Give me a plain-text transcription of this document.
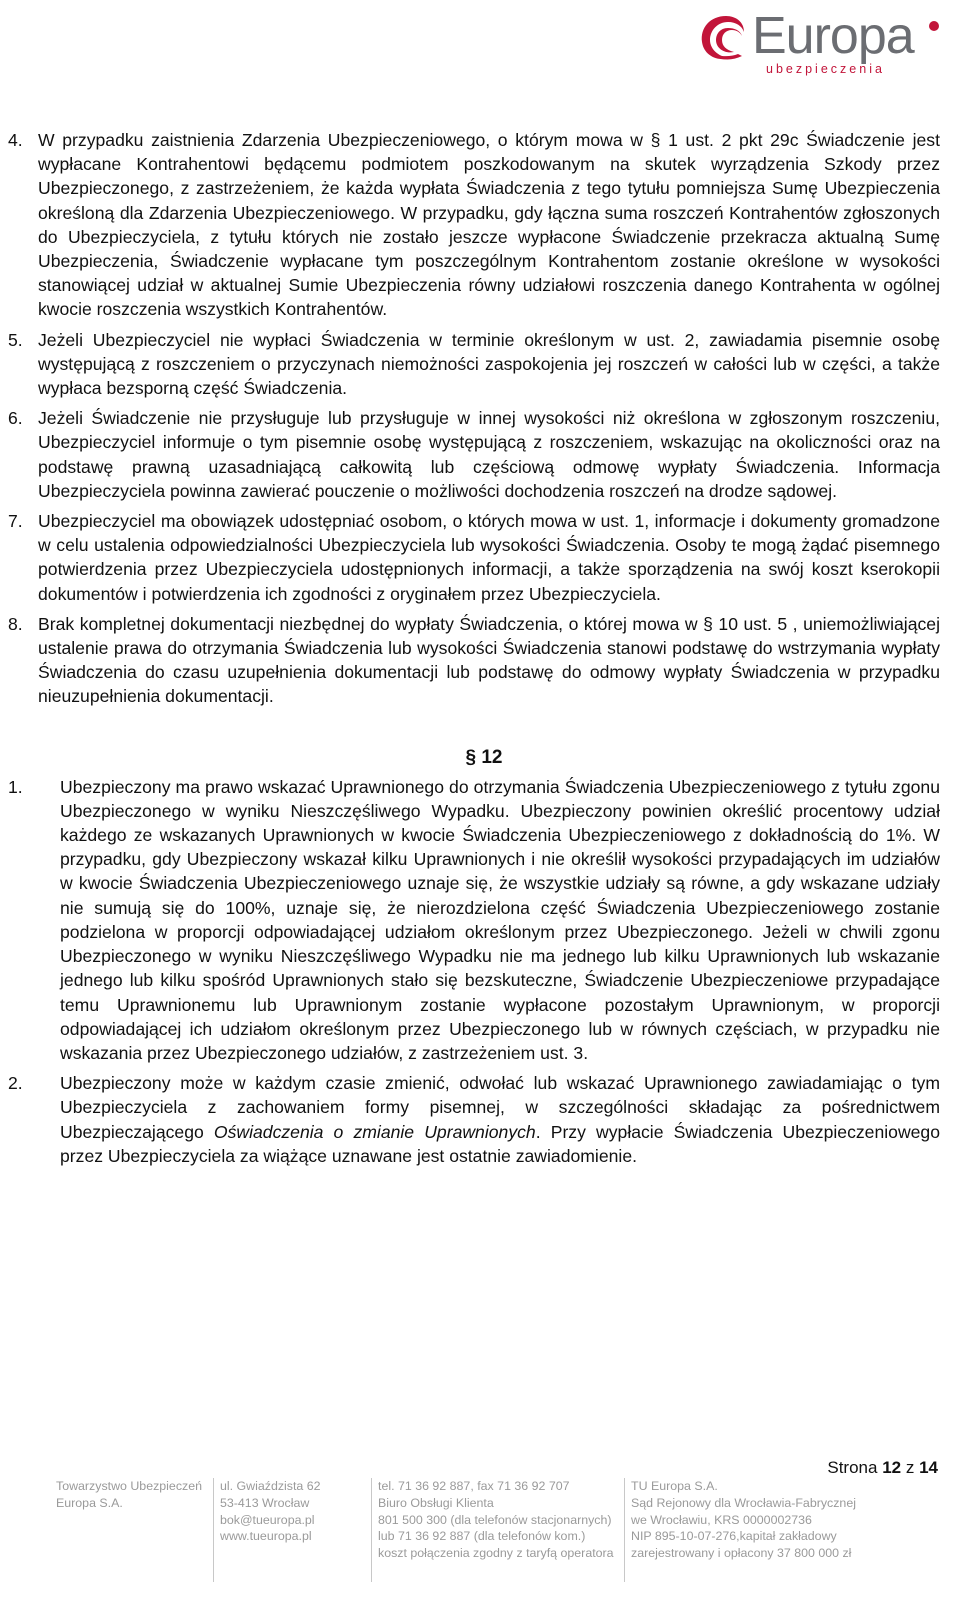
Europa
ubezpieczenia
4. W przypadku zaistnienia Zdarzenia Ubezpieczeniowego, o którym mowa w § 1 ust. 2 pkt 29c Świadczenie jest wypłacane Kontrahentowi będącemu podmiotem poszkodowanym na skutek wyrządzenia Szkody przez Ubezpieczonego, z zastrzeżeniem, że każda wypłata Świadczenia z tego tytułu pomniejsza Sumę Ubezpieczenia określoną dla Zdarzenia Ubezpieczeniowego. W przypadku, gdy łączna suma roszczeń Kontrahentów zgłoszonych do Ubezpieczyciela, z tytułu których nie zostało jeszcze wypłacone Świadczenie przekracza aktualną Sumę Ubezpieczenia, Świadczenie wypłacane tym poszczególnym Kontrahentom zostanie określone w wysokości stanowiącej udział w aktualnej Sumie Ubezpieczenia równy udziałowi roszczenia danego Kontrahenta w ogólnej kwocie roszczenia wszystkich Kontrahentów.
5. Jeżeli Ubezpieczyciel nie wypłaci Świadczenia w terminie określonym w ust. 2, zawiadamia pisemnie osobę występującą z roszczeniem o przyczynach niemożności zaspokojenia jej roszczeń w całości lub w części, a także wypłaca bezsporną część Świadczenia.
6. Jeżeli Świadczenie nie przysługuje lub przysługuje w innej wysokości niż określona w zgłoszonym roszczeniu, Ubezpieczyciel informuje o tym pisemnie osobę występującą z roszczeniem, wskazując na okoliczności oraz na podstawę prawną uzasadniającą całkowitą lub częściową odmowę wypłaty Świadczenia. Informacja Ubezpieczyciela powinna zawierać pouczenie o możliwości dochodzenia roszczeń na drodze sądowej.
7. Ubezpieczyciel ma obowiązek udostępniać osobom, o których mowa w ust. 1, informacje i dokumenty gromadzone w celu ustalenia odpowiedzialności Ubezpieczyciela lub wysokości Świadczenia. Osoby te mogą żądać pisemnego potwierdzenia przez Ubezpieczyciela udostępnionych informacji, a także sporządzenia na swój koszt kserokopii dokumentów i potwierdzenia ich zgodności z oryginałem przez Ubezpieczyciela.
8. Brak kompletnej dokumentacji niezbędnej do wypłaty Świadczenia, o której mowa w § 10 ust. 5 , uniemożliwiającej ustalenie prawa do otrzymania Świadczenia lub wysokości Świadczenia stanowi podstawę do wstrzymania wypłaty Świadczenia do czasu uzupełnienia dokumentacji lub podstawę do odmowy wypłaty Świadczenia w przypadku nieuzupełnienia dokumentacji.
§ 12
1.	Ubezpieczony ma prawo wskazać Uprawnionego do otrzymania Świadczenia Ubezpieczeniowego z tytułu zgonu Ubezpieczonego w wyniku Nieszczęśliwego Wypadku. Ubezpieczony powinien określić procentowy udział każdego ze wskazanych Uprawnionych w kwocie Świadczenia Ubezpieczeniowego z dokładnością do 1%. W przypadku, gdy Ubezpieczony wskazał kilku Uprawnionych i nie określił wysokości przypadających im udziałów w kwocie Świadczenia Ubezpieczeniowego uznaje się, że wszystkie udziały są równe, a gdy wskazane udziały nie sumują się do 100%, uznaje się, że nierozdzielona część Świadczenia Ubezpieczeniowego zostanie podzielona w proporcji odpowiadającej udziałom określonym przez Ubezpieczonego. Jeżeli w chwili zgonu Ubezpieczonego w wyniku Nieszczęśliwego Wypadku nie ma jednego lub kilku Uprawnionych lub wskazanie jednego lub kilku spośród Uprawnionych stało się bezskuteczne, Świadczenie Ubezpieczeniowe przypadające temu Uprawnionemu lub Uprawnionym zostanie wypłacone pozostałym Uprawnionym, w proporcji odpowiadającej ich udziałom określonym przez Ubezpieczonego lub w równych częściach, w przypadku nie wskazania przez Ubezpieczonego udziałów, z zastrzeżeniem ust. 3.
2.	Ubezpieczony może w każdym czasie zmienić, odwołać lub wskazać Uprawnionego zawiadamiając o tym Ubezpieczyciela z zachowaniem formy pisemnej, w szczególności składając za pośrednictwem Ubezpieczającego Oświadczenia o zmianie Uprawnionych. Przy wypłacie Świadczenia Ubezpieczeniowego przez Ubezpieczyciela za wiążące uznawane jest ostatnie zawiadomienie.
Strona 12 z 14
Towarzystwo Ubezpieczeń
Europa S.A.
ul. Gwiaździsta 62
53-413 Wrocław
bok@tueuropa.pl
www.tueuropa.pl
tel. 71 36 92 887, fax 71 36 92 707
Biuro Obsługi Klienta
801 500 300 (dla telefonów stacjonarnych)
lub 71 36 92 887 (dla telefonów kom.)
koszt połączenia zgodny z taryfą operatora
TU Europa S.A.
Sąd Rejonowy dla Wrocławia-Fabrycznej
we Wrocławiu, KRS 0000002736
NIP 895-10-07-276,kapitał zakładowy
zarejestrowany i opłacony 37 800 000 zł
